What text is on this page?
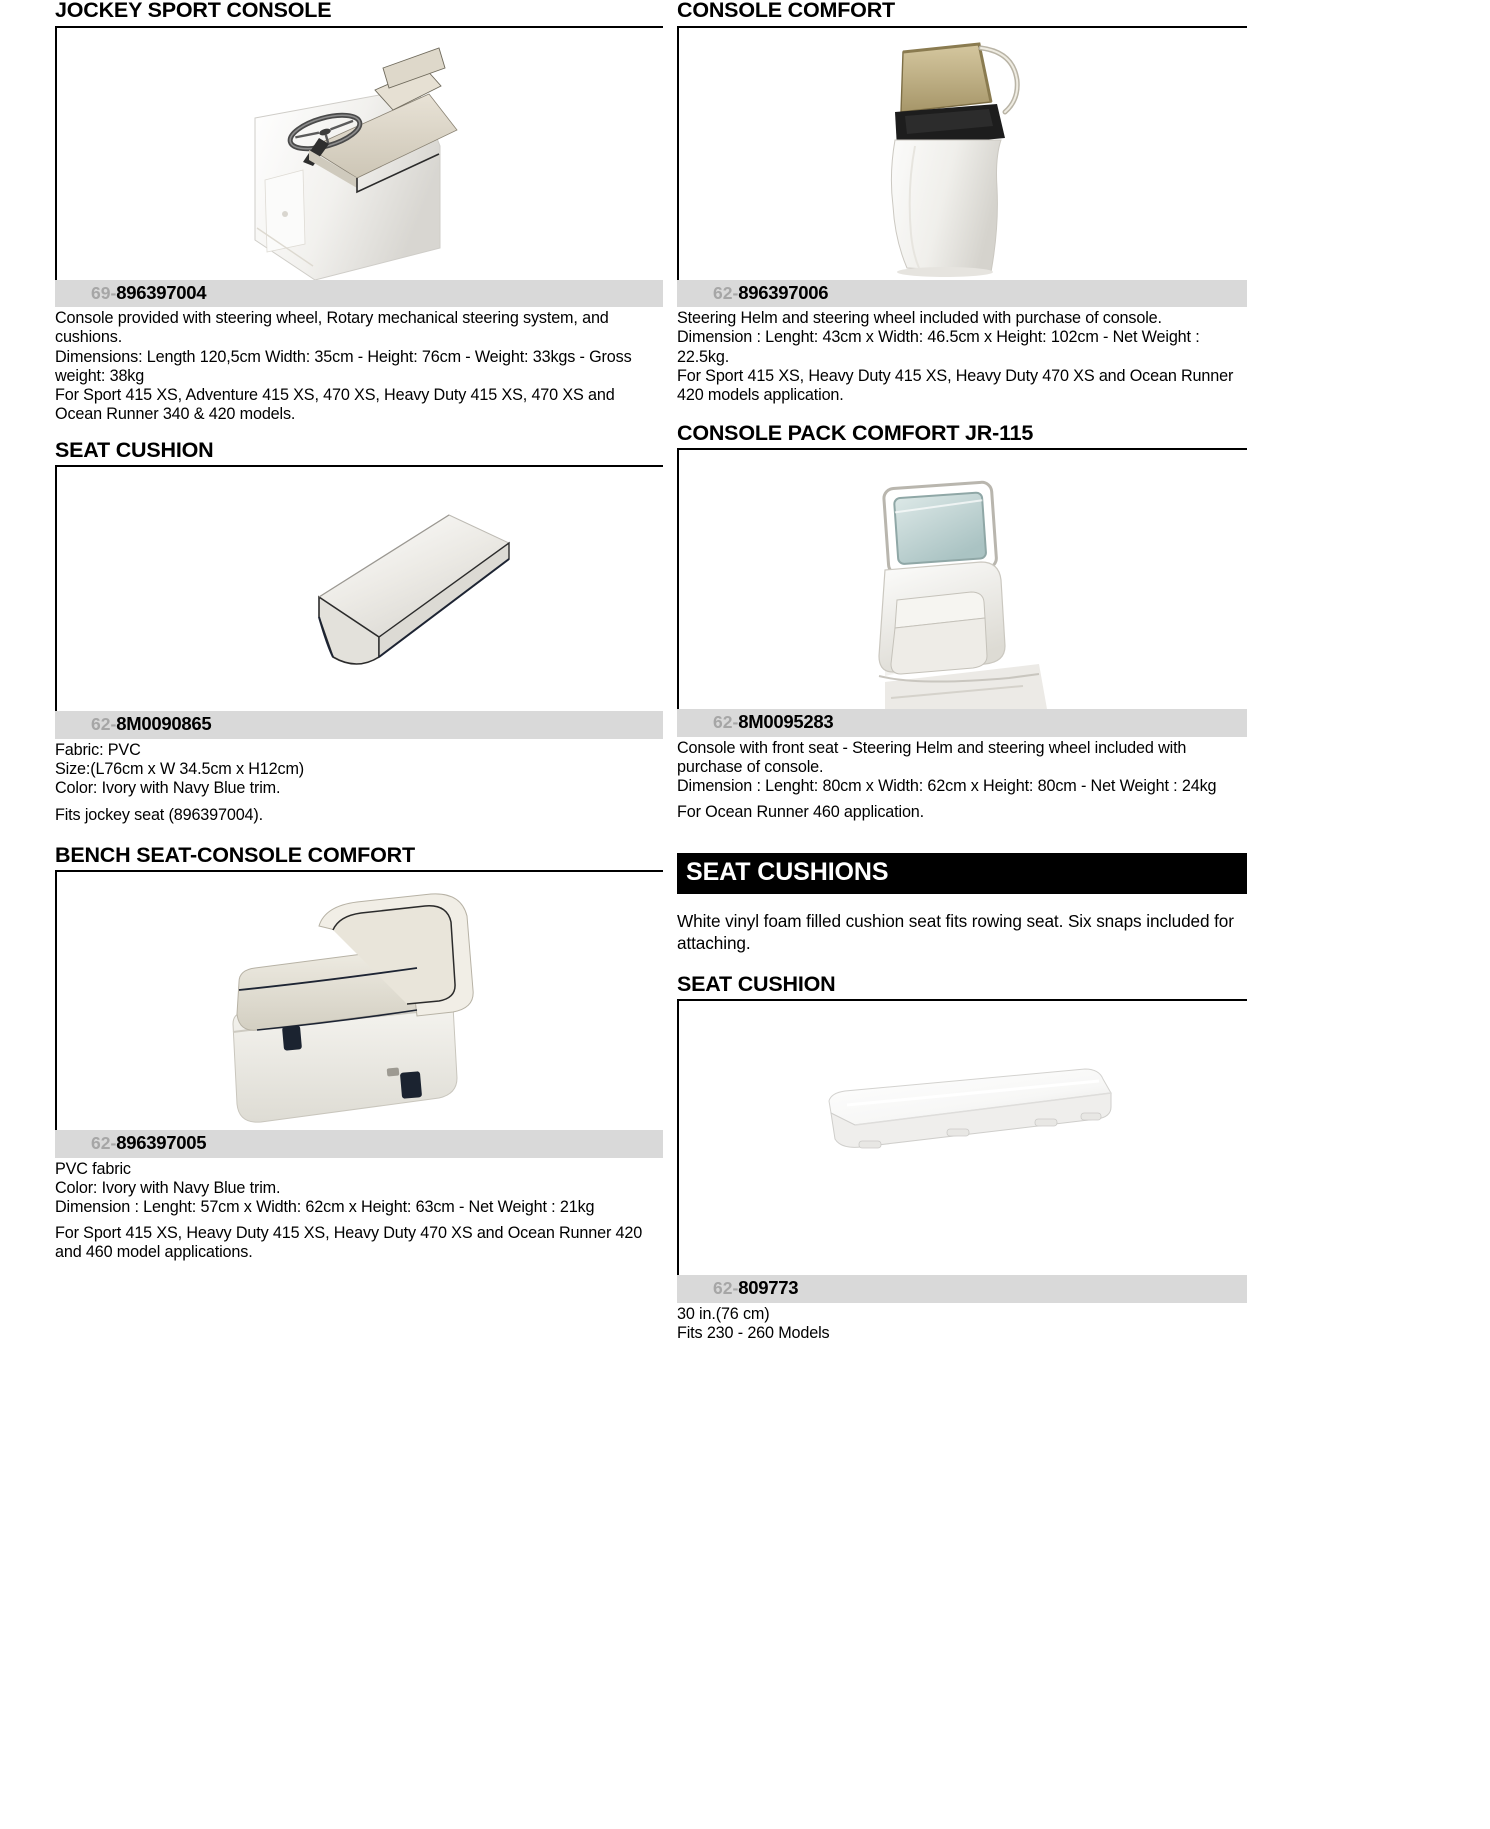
JOCKEY SPORT CONSOLE
69-896397004

Console provided with steering wheel, Rotary mechanical steering system, and cushions.

Dimensions: Length 120,5cm Width: 35cm - Height: 76cm - Weight: 33kgs - Gross weight: 38kg

For Sport 415 XS, Adventure 415 XS, 470 XS, Heavy Duty 415 XS, 470 XS and Ocean Runner 340 & 420 models.

SEAT CUSHION
62-8M0090865

Fabric: PVC

Size:(L76cm x W 34.5cm x H12cm)

Color: Ivory with Navy Blue trim.

Fits jockey seat (896397004).

BENCH SEAT-CONSOLE COMFORT
62-896397005

PVC fabric

Color: Ivory with Navy Blue trim.

Dimension : Lenght: 57cm x Width: 62cm x Height: 63cm - Net Weight : 21kg

For Sport 415 XS, Heavy Duty 415 XS, Heavy Duty 470 XS and Ocean Runner 420 and 460 model applications.

CONSOLE COMFORT
62-896397006

Steering Helm and steering wheel included with purchase of console.

Dimension : Lenght: 43cm x Width: 46.5cm x Height: 102cm - Net Weight : 22.5kg.

For Sport 415 XS, Heavy Duty 415 XS, Heavy Duty 470 XS and Ocean Runner 420 models application.

CONSOLE PACK COMFORT JR-115
62-8M0095283

Console with front seat - Steering Helm and steering wheel included with purchase of console.

Dimension : Lenght: 80cm x Width: 62cm x Height: 80cm - Net Weight : 24kg

For Ocean Runner 460 application.

SEAT CUSHIONS
White vinyl foam filled cushion seat fits rowing seat. Six snaps included for attaching.
SEAT CUSHION
62-809773

30 in.(76 cm)

Fits 230 - 260 Models
